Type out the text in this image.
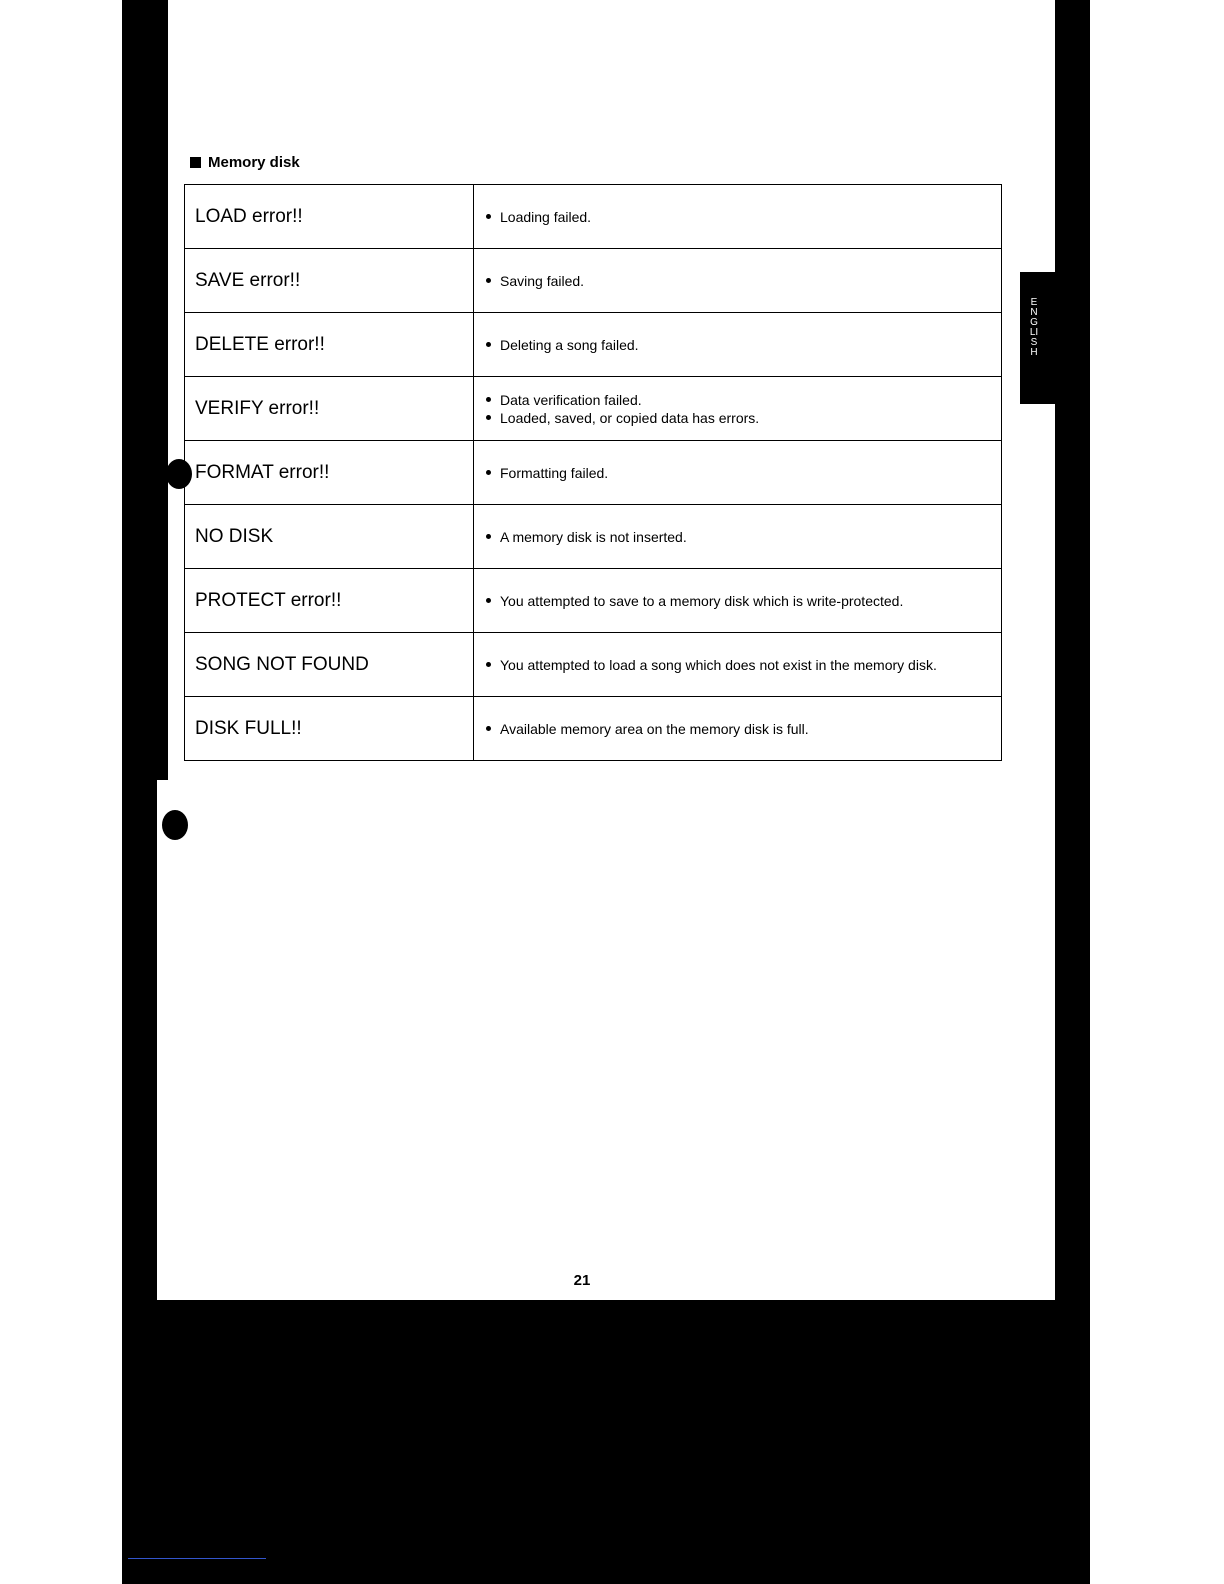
ENGLISH
Memory disk
LOAD error!!	Loading failed.

SAVE error!!	Saving failed.

DELETE error!!	Deleting a song failed.

VERIFY error!!	Data verification failed.
Loaded, saved, or copied data has errors.

FORMAT error!!	Formatting failed.

NO DISK	A memory disk is not inserted.

PROTECT error!!	You attempted to save to a memory disk which is write-protected.

SONG NOT FOUND	You attempted to load a song which does not exist in the memory disk.

DISK FULL!!	Available memory area on the memory disk is full.
21
